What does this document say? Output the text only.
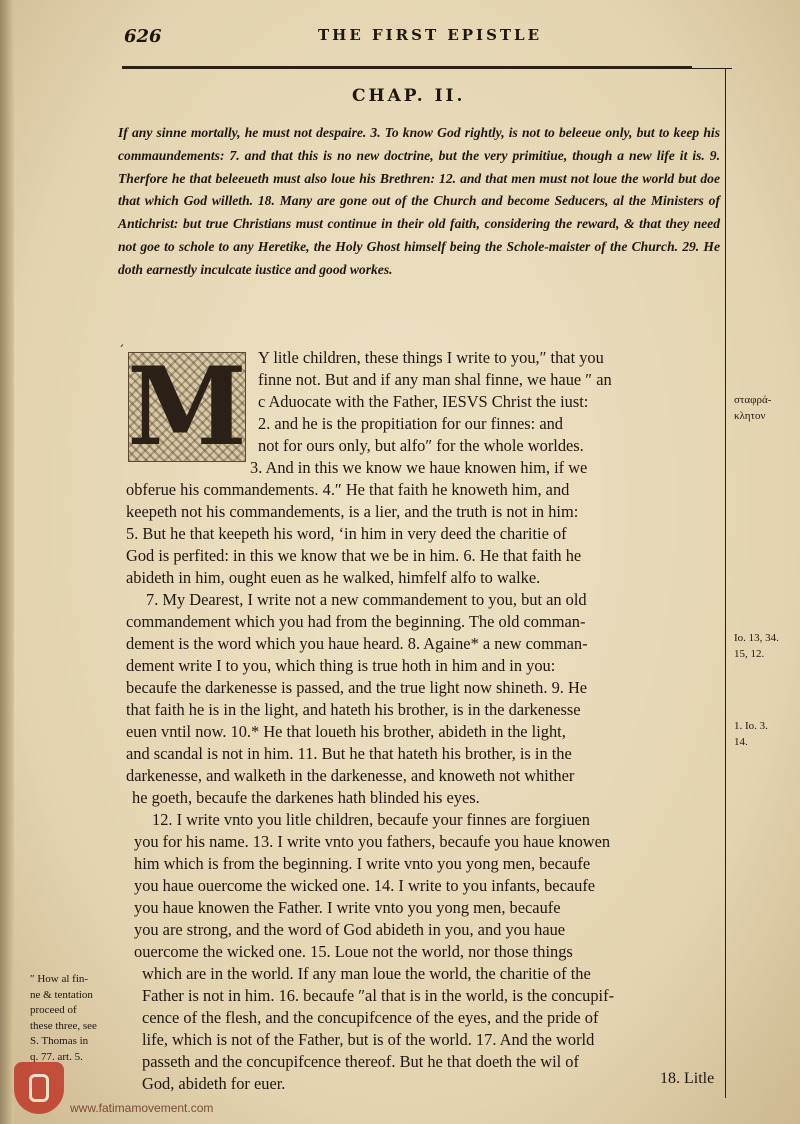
626	THE FIRST EPISTLE
CHAP. II.
If any sinne mortally, he must not despaire. 3. To know God rightly, is not to beleeue only, but to keep his commaundements: 7. and that this is no new doctrine, but the very primitiue, though a new life it is. 9. Therfore he that beleeueth must also loue his Brethren: 12. and that men must not loue the world but doe that which God willeth. 18. Many are gone out of the Church and become Seducers, al the Ministers of Antichrist: but true Christians must continue in their old faith, considering the reward, & that they need not goe to schole to any Heretike, the Holy Ghost himself being the Schole-maister of the Church. 29. He doth earnestly inculcate iustice and good workes.
´ M Y litle children, these things I write to you,″ that you
finne not. But and if any man shal finne, we haue ″ an
c Aduocate with the Father, IESVS Christ the iust:
2. and he is the propitiation for our finnes: and
not for ours only, but alfo″ for the whole worldes.
3. And in this we know we haue knowen him, if we
obferue his commandements. 4.″ He that faith he knoweth him, and
keepeth not his commandements, is a lier, and the truth is not in him:
5. But he that keepeth his word, ʻin him in very deed the charitie of
God is perfited: in this we know that we be in him. 6. He that faith he
abideth in him, ought euen as he walked, himfelf alfo to walke.
7. My Dearest, I write not a new commandement to you, but an old
commandement which you had from the beginning. The old comman-
dement is the word which you haue heard. 8. Againe* a new comman-
dement write I to you, which thing is true hoth in him and in you:
becaufe the darkenesse is passed, and the true light now shineth. 9. He
that faith he is in the light, and hateth his brother, is in the darkenesse
euen vntil now. 10.* He that loueth his brother, abideth in the light,
and scandal is not in him. 11. But he that hateth his brother, is in the
darkenesse, and walketh in the darkenesse, and knoweth not whither
he goeth, becaufe the darkenes hath blinded his eyes.
12. I write vnto you litle children, becaufe your finnes are forgiuen
you for his name. 13. I write vnto you fathers, becaufe you haue knowen
him which is from the beginning. I write vnto you yong men, becaufe
you haue ouercome the wicked one. 14. I write to you infants, becaufe
you haue knowen the Father. I write vnto you yong men, becaufe
you are strong, and the word of God abideth in you, and you haue
ouercome the wicked one. 15. Loue not the world, nor those things
which are in the world. If any man loue the world, the charitie of the
Father is not in him. 16. becaufe ″al that is in the world, is the concupif-
cence of the flesh, and the concupifcence of the eyes, and the pride of
life, which is not of the Father, but is of the world. 17. And the world
passeth and the concupifcence thereof. But he that doeth the wil of
God, abideth for euer.	18. Litle
σταφρά-
κλητον
Io. 13, 34.
15, 12.
1. Io. 3.
14.
″ How al fin-
ne & tentation
proceed of
these three, see
S. Thomas in
q. 77. art. 5.
www.fatimamovement.com
